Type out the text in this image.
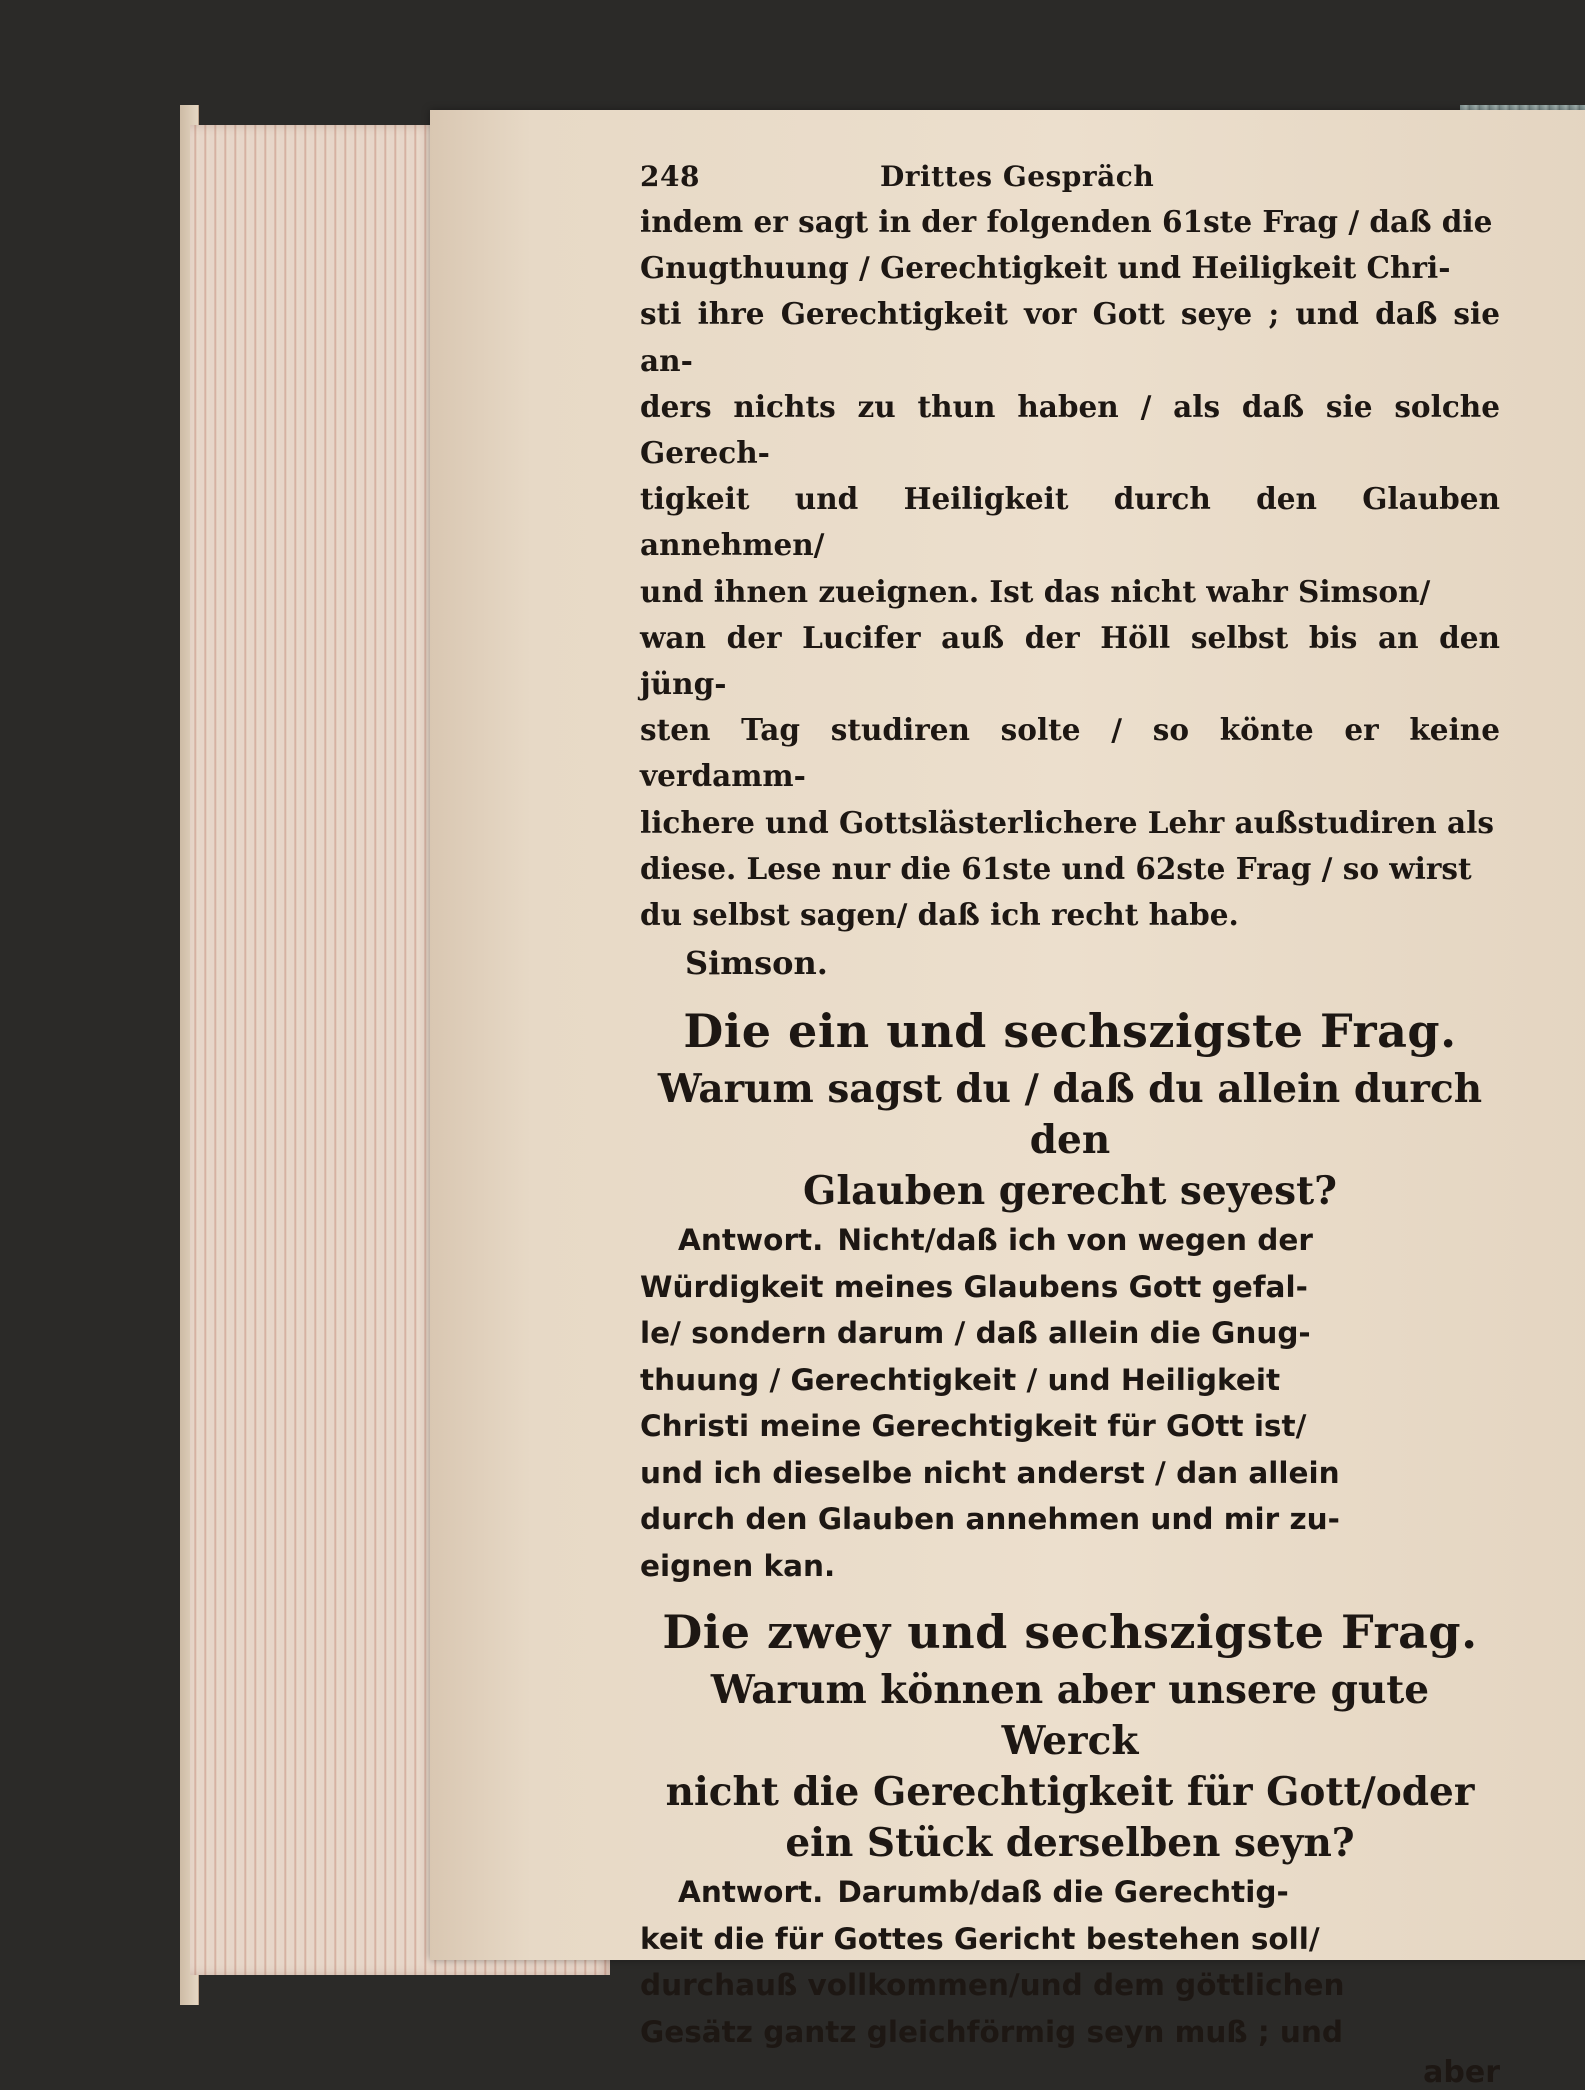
248	Drittes Gespräch

indem er sagt in der folgenden 61ste Frag / daß die

Gnugthuung / Gerechtigkeit und Heiligkeit Chri-

sti ihre Gerechtigkeit vor Gott seye ; und daß sie an-

ders nichts zu thun haben / als daß sie solche Gerech-

tigkeit und Heiligkeit durch den Glauben annehmen/

und ihnen zueignen. Ist das nicht wahr Simson/

wan der Lucifer auß der Höll selbst bis an den jüng-

sten Tag studiren solte / so könte er keine verdamm-

lichere und Gottslästerlichere Lehr außstudiren als

diese. Lese nur die 61ste und 62ste Frag / so wirst

du selbst sagen/ daß ich recht habe.

Simson.

Die ein und sechszigste Frag.

Warum sagst du / daß du allein durch den

Glauben gerecht seyest?

Antwort. Nicht/daß ich von wegen der

Würdigkeit meines Glaubens Gott gefal-

le/ sondern darum / daß allein die Gnug-

thuung / Gerechtigkeit / und Heiligkeit

Christi meine Gerechtigkeit für GOtt ist/

und ich dieselbe nicht anderst / dan allein

durch den Glauben annehmen und mir zu-

eignen kan.

Die zwey und sechszigste Frag.

Warum können aber unsere gute Werck

nicht die Gerechtigkeit für Gott/oder

ein Stück derselben seyn?

Antwort. Darumb/daß die Gerechtig-

keit die für Gottes Gericht bestehen soll/

durchauß vollkommen/und dem göttlichen

Gesätz gantz gleichförmig seyn muß ; und

aber
